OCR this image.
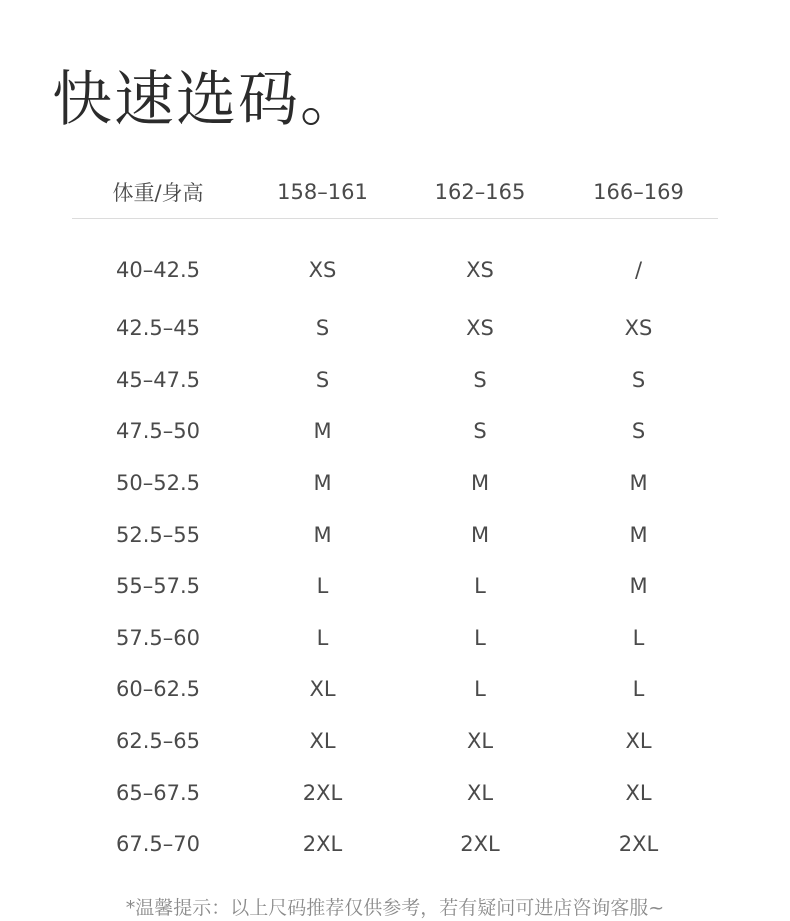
快速选码。
体重/身高	158–161	162–165	166–169
40–42.5	XS	XS	/
42.5–45	S	XS	XS
45–47.5	S	S	S
47.5–50	M	S	S
50–52.5	M	M	M
52.5–55	M	M	M
55–57.5	L	L	M
57.5–60	L	L	L
60–62.5	XL	L	L
62.5–65	XL	XL	XL
65–67.5	2XL	XL	XL
67.5–70	2XL	2XL	2XL
*温馨提示：以上尺码推荐仅供参考，若有疑问可进店咨询客服~
